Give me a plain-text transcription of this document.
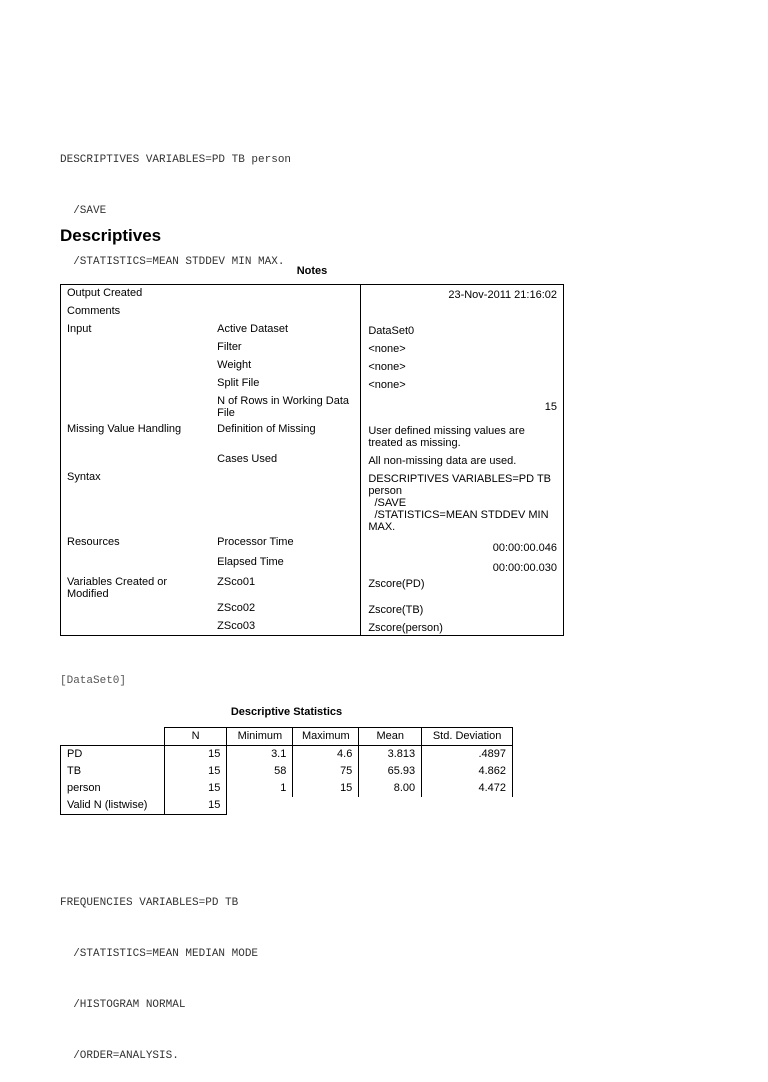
DESCRIPTIVES VARIABLES=PD TB person

/SAVE

/STATISTICS=MEAN STDDEV MIN MAX.

Descriptives
Notes
Output Created		23-Nov-2011 21:16:02
Comments		
Input	Active Dataset	DataSet0
	Filter	<none>
	Weight	<none>
	Split File	<none>
	N of Rows in Working Data File	15
Missing Value Handling	Definition of Missing	User defined missing values are treated as missing.
	Cases Used	All non-missing data are used.
Syntax		DESCRIPTIVES VARIABLES=PD TB person
/SAVE
/STATISTICS=MEAN STDDEV MIN MAX.
Resources	Processor Time	00:00:00.046
	Elapsed Time	00:00:00.030
Variables Created or Modified	ZSco01	Zscore(PD)
	ZSco02	Zscore(TB)
	ZSco03	Zscore(person)
[DataSet0]
Descriptive Statistics
	N	Minimum	Maximum	Mean	Std. Deviation
PD	15	3.1	4.6	3.813	.4897
TB	15	58	75	65.93	4.862
person	15	1	15	8.00	4.472
Valid N (listwise)	15				

FREQUENCIES VARIABLES=PD TB

/STATISTICS=MEAN MEDIAN MODE

/HISTOGRAM NORMAL

/ORDER=ANALYSIS.
